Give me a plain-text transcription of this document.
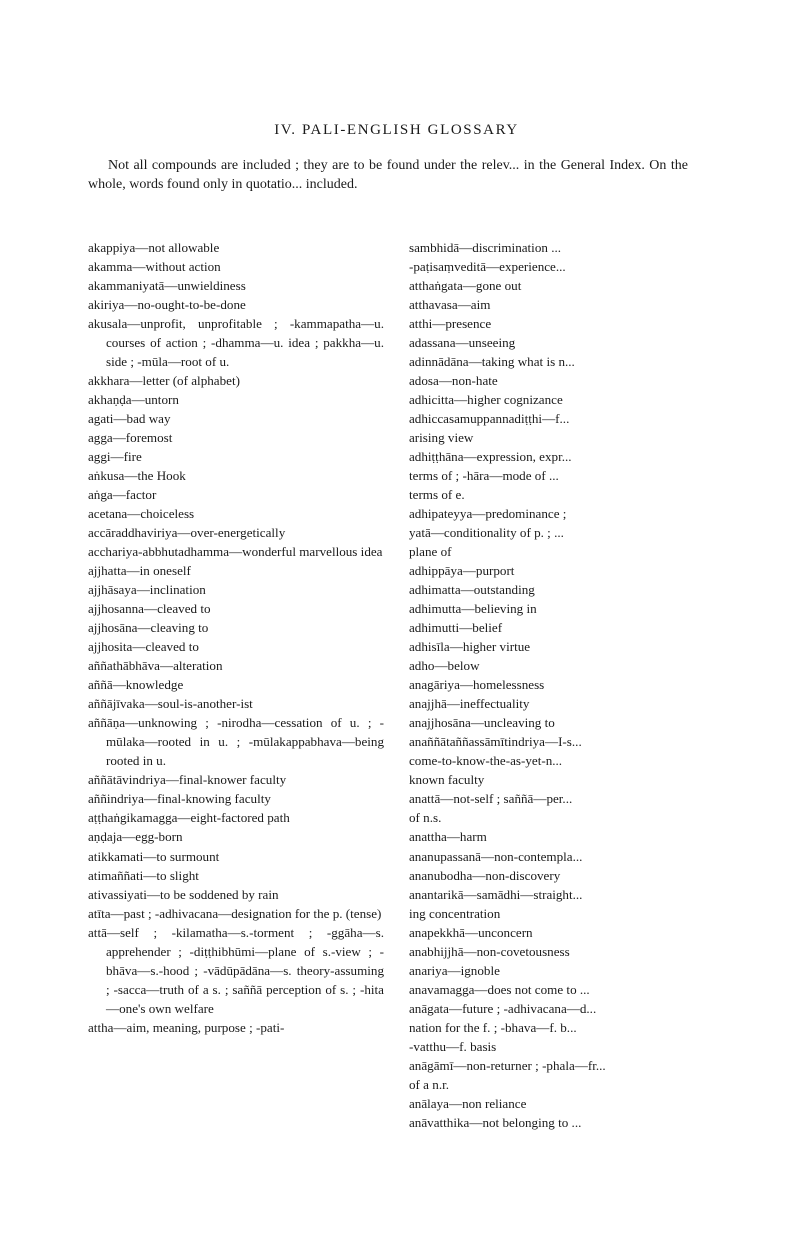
IV. PALI-ENGLISH GLOSSARY

Not all compounds are included ; they are to be found under the relev... in the General Index. On the whole, words found only in quotatio... included.

akappiya—not allowable
akamma—without action
akammaniyatā—unwieldiness
akiriya—no-ought-to-be-done
akusala—unprofit, unprofitable ; -kammapatha—u. courses of action ; -dhamma—u. idea ; pakkha—u. side ; -mūla—root of u.
akkhara—letter (of alphabet)
akhaṇḍa—untorn
agati—bad way
agga—foremost
aggi—fire
aṅkusa—the Hook
aṅga—factor
acetana—choiceless
accāraddhaviriya—over-energetically
acchariya-abbhutadhamma—wonderful marvellous idea
ajjhatta—in oneself
ajjhāsaya—inclination
ajjhosanna—cleaved to
ajjhosāna—cleaving to
ajjhosita—cleaved to
aññathābhāva—alteration
aññā—knowledge
aññājīvaka—soul-is-another-ist
aññāṇa—unknowing ; -nirodha—cessation of u. ; -mūlaka—rooted in u. ; -mūlakappabhava—being rooted in u.
aññātāvindriya—final-knower faculty
aññindriya—final-knowing faculty
aṭṭhaṅgikamagga—eight-factored path
aṇḍaja—egg-born
atikkamati—to surmount
atimaññati—to slight
ativassiyati—to be soddened by rain
atīta—past ; -adhivacana—designation for the p. (tense)
attā—self ; -kilamatha—s.-torment ; -ggāha—s. apprehender ; -diṭṭhibhūmi—plane of s.-view ; -bhāva—s.-hood ; -vādūpādāna—s. theory-assuming ; -sacca—truth of a s. ; saññā perception of s. ; -hita—one's own welfare
attha—aim, meaning, purpose ; -pati-
sambhidā—discrimination ...
-paṭisaṃveditā—experience...
atthaṅgata—gone out
atthavasa—aim
atthi—presence
adassana—unseeing
adinnādāna—taking what is n...
adosa—non-hate
adhicitta—higher cognizance
adhiccasamuppannadiṭṭhi—f...
arising view
adhiṭṭhāna—expression, expr...
terms of ; -hāra—mode of ...
terms of e.
adhipateyya—predominance ;
yatā—conditionality of p. ; ...
plane of
adhippāya—purport
adhimatta—outstanding
adhimutta—believing in
adhimutti—belief
adhisīla—higher virtue
adho—below
anagāriya—homelessness
anajjhā—ineffectuality
anajjhosāna—uncleaving to
anaññātaññassāmītindriya—I-s...
come-to-know-the-as-yet-n...
known faculty
anattā—not-self ; saññā—per...
of n.s.
anattha—harm
ananupassanā—non-contempla...
ananubodha—non-discovery
anantarikā—samādhi—straight...
ing concentration
anapekkhā—unconcern
anabhijjhā—non-covetousness
anariya—ignoble
anavamagga—does not come to ...
anāgata—future ; -adhivacana—d...
nation for the f. ; -bhava—f. b...
-vatthu—f. basis
anāgāmī—non-returner ; -phala—fr...
of a n.r.
anālaya—non reliance
anāvatthika—not belonging to ...
